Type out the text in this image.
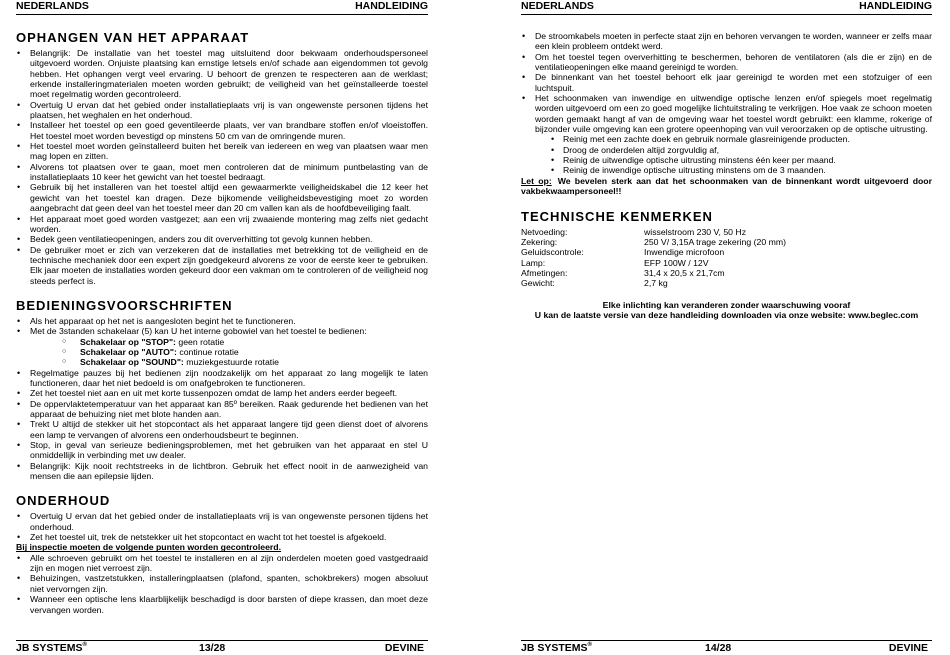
NEDERLANDS	HANDLEIDING
OPHANGEN VAN HET APPARAAT
• Belangrijk: De installatie van het toestel mag uitsluitend door bekwaam onderhoudspersoneel uitgevoerd worden. Onjuiste plaatsing kan ernstige letsels en/of schade aan eigendommen tot gevolg hebben. Het ophangen vergt veel ervaring. U behoort de grenzen te respecteren aan de werklast; erkende installeringmaterialen moeten worden gebruikt; de veiligheid van het geïnstalleerde toestel moet regelmatig worden gecontroleerd.
• Overtuig U ervan dat het gebied onder installatieplaats vrij is van ongewenste personen tijdens het plaatsen, het weghalen en het onderhoud.
• Installeer het toestel op een goed geventileerde plaats, ver van brandbare stoffen en/of vloeistoffen. Het toestel moet worden bevestigd op minstens 50 cm van de omringende muren.
• Het toestel moet worden geïnstalleerd buiten het bereik van iedereen en weg van plaatsen waar men mag lopen en zitten.
• Alvorens tot plaatsen over te gaan, moet men controleren dat de minimum puntbelasting van de installatieplaats 10 keer het gewicht van het toestel bedraagt.
• Gebruik bij het installeren van het toestel altijd een gewaarmerkte veiligheidskabel die 12 keer het gewicht van het toestel kan dragen. Deze bijkomende veiligheidsbevestiging moet zo worden aangebracht dat geen deel van het toestel meer dan 20 cm vallen kan als de hoofdbeveiliging faalt.
• Het apparaat moet goed worden vastgezet; aan een vrij zwaaiende montering mag zelfs niet gedacht worden.
• Bedek geen ventilatieopeningen, anders zou dit oververhitting tot gevolg kunnen hebben.
• De gebruiker moet er zich van verzekeren dat de installaties met betrekking tot de veiligheid en de technische mechaniek door een expert zijn goedgekeurd alvorens ze voor de eerste keer te gebruiken. Elk jaar moeten de installaties worden gekeurd door een vakman om te controleren of de veiligheid nog steeds perfect is.
BEDIENINGSVOORSCHRIFTEN
• Als het apparaat op het net is aangesloten begint het te functioneren.
• Met de 3standen schakelaar (5) kan U het interne gobowiel van het toestel te bedienen:
○ Schakelaar op "STOP": geen rotatie
○ Schakelaar op "AUTO": continue rotatie
○ Schakelaar op "SOUND": muziekgestuurde rotatie
• Regelmatige pauzes bij het bedienen zijn noodzakelijk om het apparaat zo lang mogelijk te laten functioneren, daar het niet bedoeld is om onafgebroken te functioneren.
• Zet het toestel niet aan en uit met korte tussenpozen omdat de lamp het anders eerder begeeft.
• De oppervlaktetemperatuur van het apparaat kan 85º bereiken. Raak gedurende het bedienen van het apparaat de behuizing niet met blote handen aan.
• Trekt U altijd de stekker uit het stopcontact als het apparaat langere tijd geen dienst doet of alvorens een lamp te vervangen of alvorens een onderhoudsbeurt te beginnen.
• Stop, in geval van serieuze bedieningsproblemen, met het gebruiken van het apparaat en stel U onmiddellijk in verbinding met uw dealer.
• Belangrijk: Kijk nooit rechtstreeks in de lichtbron. Gebruik het effect nooit in de aanwezigheid van mensen die aan epilepsie lijden.
ONDERHOUD
• Overtuig U ervan dat het gebied onder de installatieplaats vrij is van ongewenste personen tijdens het onderhoud.
• Zet het toestel uit, trek de netstekker uit het stopcontact en wacht tot het toestel is afgekoeld.
Bij inspectie moeten de volgende punten worden gecontroleerd.
• Alle schroeven gebruikt om het toestel te installeren en al zijn onderdelen moeten goed vastgedraaid zijn en mogen niet verroest zijn.
• Behuizingen, vastzetstukken, installeringplaatsen (plafond, spanten, schokbrekers) mogen absoluut niet vervorngen zijn.
• Wanneer een optische lens klaarblijkelijk beschadigd is door barsten of diepe krassen, dan moet deze vervangen worden.
JB SYSTEMS®	13/28	DEVINE
NEDERLANDS	HANDLEIDING
• De stroomkabels moeten in perfecte staat zijn en behoren vervangen te worden, wanneer er zelfs maar een klein probleem ontdekt werd.
• Om het toestel tegen oververhitting te beschermen, behoren de ventilatoren (als die er zijn) en de ventilatieopeningen elke maand gereinigd te worden.
• De binnenkant van het toestel behoort elk jaar gereinigd te worden met een stofzuiger of een luchtspuit.
• Het schoonmaken van inwendige en uitwendige optische lenzen en/of spiegels moet regelmatig worden uitgevoerd om een zo goed mogelijke lichtuitstraling te verkrijgen. Hoe vaak ze schoon moeten worden gemaakt hangt af van de omgeving waar het toestel wordt gebruikt: een klamme, rokerige of bijzonder vuile omgeving kan een grotere opeenhoping van vuil veroorzaken op de optische uitrusting.
• Reinig met een zachte doek en gebruik normale glasreinigende producten.
• Droog de onderdelen altijd zorgvuldig af,
• Reinig de uitwendige optische uitrusting minstens één keer per maand.
• Reinig de inwendige optische uitrusting minstens om de 3 maanden.
Let op: We bevelen sterk aan dat het schoonmaken van de binnenkant wordt uitgevoerd door vakbekwaampersoneel!!
TECHNISCHE KENMERKEN
Netvoeding:	wisselstroom 230 V, 50 Hz
Zekering:	250 V/ 3,15A trage zekering (20 mm)
Geluidscontrole:	Inwendige microfoon
Lamp:	EFP 100W / 12V
Afmetingen:	31,4 x 20,5 x 21,7cm
Gewicht:	2,7 kg
Elke inlichting kan veranderen zonder waarschuwing vooraf
U kan de laatste versie van deze handleiding downloaden via onze website: www.beglec.com
JB SYSTEMS®	14/28	DEVINE
